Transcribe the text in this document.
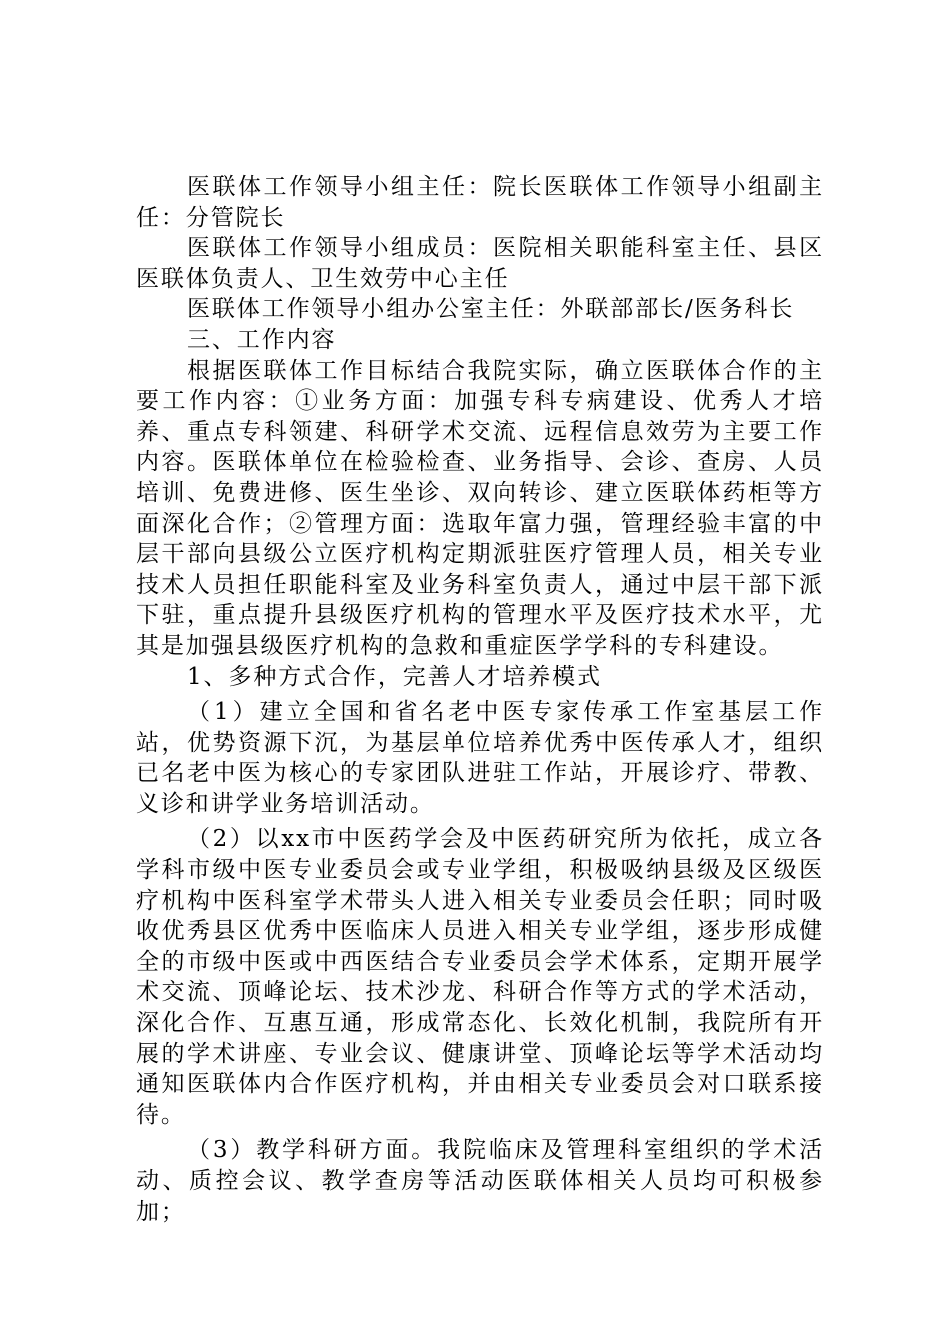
医联体工作领导小组主任：院长医联体工作领导小组副主任：分管院长

医联体工作领导小组成员：医院相关职能科室主任、县区医联体负责人、卫生效劳中心主任

医联体工作领导小组办公室主任：外联部部长/医务科长

三、工作内容

根据医联体工作目标结合我院实际，确立医联体合作的主要工作内容：①业务方面：加强专科专病建设、优秀人才培养、重点专科领建、科研学术交流、远程信息效劳为主要工作内容。医联体单位在检验检查、业务指导、会诊、查房、人员培训、免费进修、医生坐诊、双向转诊、建立医联体药柜等方面深化合作；②管理方面：选取年富力强，管理经验丰富的中层干部向县级公立医疗机构定期派驻医疗管理人员，相关专业技术人员担任职能科室及业务科室负责人，通过中层干部下派下驻，重点提升县级医疗机构的管理水平及医疗技术水平，尤其是加强县级医疗机构的急救和重症医学学科的专科建设。

1、多种方式合作，完善人才培养模式

（1）建立全国和省名老中医专家传承工作室基层工作站，优势资源下沉，为基层单位培养优秀中医传承人才，组织已名老中医为核心的专家团队进驻工作站，开展诊疗、带教、义诊和讲学业务培训活动。

（2）以xx市中医药学会及中医药研究所为依托，成立各学科市级中医专业委员会或专业学组，积极吸纳县级及区级医疗机构中医科室学术带头人进入相关专业委员会任职；同时吸收优秀县区优秀中医临床人员进入相关专业学组，逐步形成健全的市级中医或中西医结合专业委员会学术体系，定期开展学术交流、顶峰论坛、技术沙龙、科研合作等方式的学术活动，深化合作、互惠互通，形成常态化、长效化机制，我院所有开展的学术讲座、专业会议、健康讲堂、顶峰论坛等学术活动均通知医联体内合作医疗机构，并由相关专业委员会对口联系接待。

（3）教学科研方面。我院临床及管理科室组织的学术活动、质控会议、教学查房等活动医联体相关人员均可积极参加；
